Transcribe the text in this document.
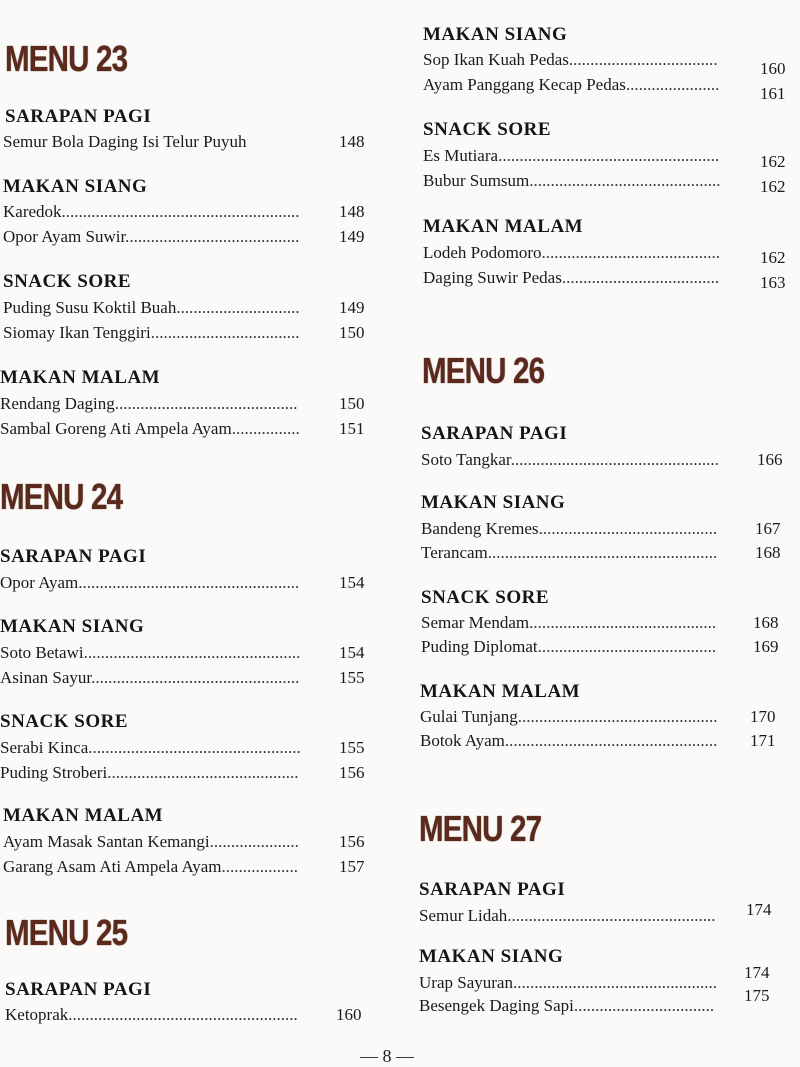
MENU 23
SARAPAN PAGI
Semur Bola Daging Isi Telur Puyuh	148
MAKAN SIANG
Karedok........................................................ 148
Opor Ayam Suwir......................................... 149
SNACK SORE
Puding Susu Koktil Buah............................. 149
Siomay Ikan Tenggiri................................... 150
MAKAN MALAM
Rendang Daging........................................... 150
Sambal Goreng Ati Ampela Ayam................ 151
MENU 24
SARAPAN PAGI
Opor Ayam.................................................... 154
MAKAN SIANG
Soto Betawi................................................... 154
Asinan Sayur................................................. 155
SNACK SORE
Serabi Kinca.................................................. 155
Puding Stroberi............................................. 156
MAKAN MALAM
Ayam Masak Santan Kemangi..................... 156
Garang Asam Ati Ampela Ayam.................. 157
MENU 25
SARAPAN PAGI
Ketoprak...................................................... 160
MAKAN SIANG
Sop Ikan Kuah Pedas................................... 160
Ayam Panggang Kecap Pedas...................... 161
SNACK SORE
Es Mutiara.................................................... 162
Bubur Sumsum............................................. 162
MAKAN MALAM
Lodeh Podomoro.......................................... 162
Daging Suwir Pedas..................................... 163
MENU 26
SARAPAN PAGI
Soto Tangkar................................................. 166
MAKAN SIANG
Bandeng Kremes.......................................... 167
Terancam...................................................... 168
SNACK SORE
Semar Mendam............................................ 168
Puding Diplomat.......................................... 169
MAKAN MALAM
Gulai Tunjang............................................... 170
Botok Ayam.................................................. 171
MENU 27
SARAPAN PAGI
Semur Lidah................................................. 174
MAKAN SIANG
Urap Sayuran................................................
174
Besengek Daging Sapi.................................
175
— 8 —
